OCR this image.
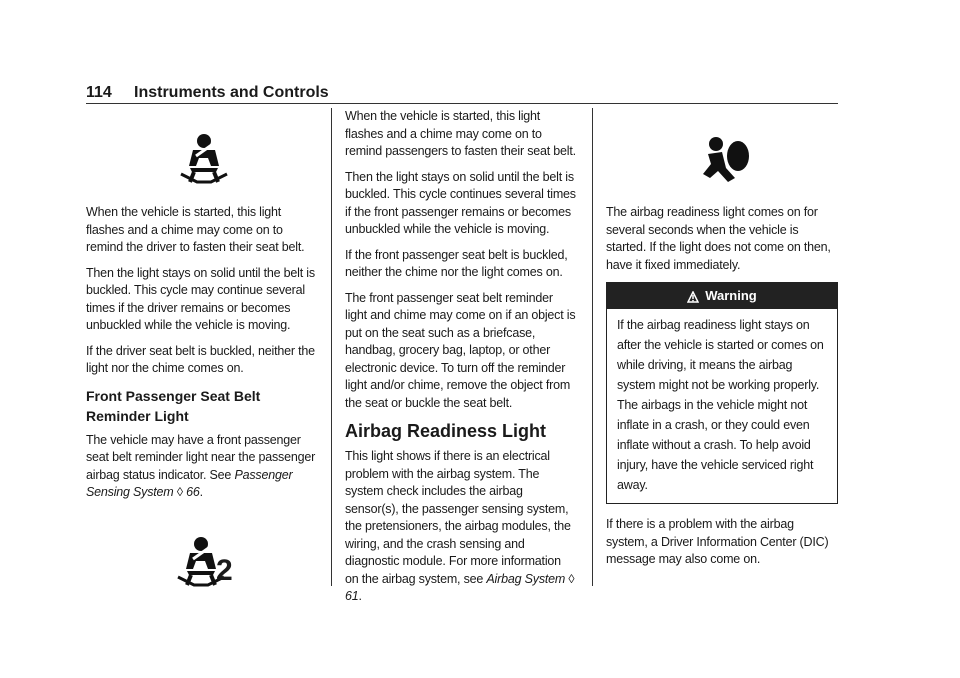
114 Instruments and Controls

When the vehicle is started, this light flashes and a chime may come on to remind the driver to fasten their seat belt.

Then the light stays on solid until the belt is buckled. This cycle may continue several times if the driver remains or becomes unbuckled while the vehicle is moving.

If the driver seat belt is buckled, neither the light nor the chime comes on.

Front Passenger Seat Belt Reminder Light

The vehicle may have a front passenger seat belt reminder light near the passenger airbag status indicator. See Passenger Sensing System ◊ 66.

2

When the vehicle is started, this light flashes and a chime may come on to remind passengers to fasten their seat belt.

Then the light stays on solid until the belt is buckled. This cycle continues several times if the front passenger remains or becomes unbuckled while the vehicle is moving.

If the front passenger seat belt is buckled, neither the chime nor the light comes on.

The front passenger seat belt reminder light and chime may come on if an object is put on the seat such as a briefcase, handbag, grocery bag, laptop, or other electronic device. To turn off the reminder light and/or chime, remove the object from the seat or buckle the seat belt.

Airbag Readiness Light

This light shows if there is an electrical problem with the airbag system. The system check includes the airbag sensor(s), the passenger sensing system, the pretensioners, the airbag modules, the wiring, and the crash sensing and diagnostic module. For more information on the airbag system, see Airbag System ◊ 61.

The airbag readiness light comes on for several seconds when the vehicle is started. If the light does not come on then, have it fixed immediately.

Warning
If the airbag readiness light stays on after the vehicle is started or comes on while driving, it means the airbag system might not be working properly. The airbags in the vehicle might not inflate in a crash, or they could even inflate without a crash. To help avoid injury, have the vehicle serviced right away.

If there is a problem with the airbag system, a Driver Information Center (DIC) message may also come on.
